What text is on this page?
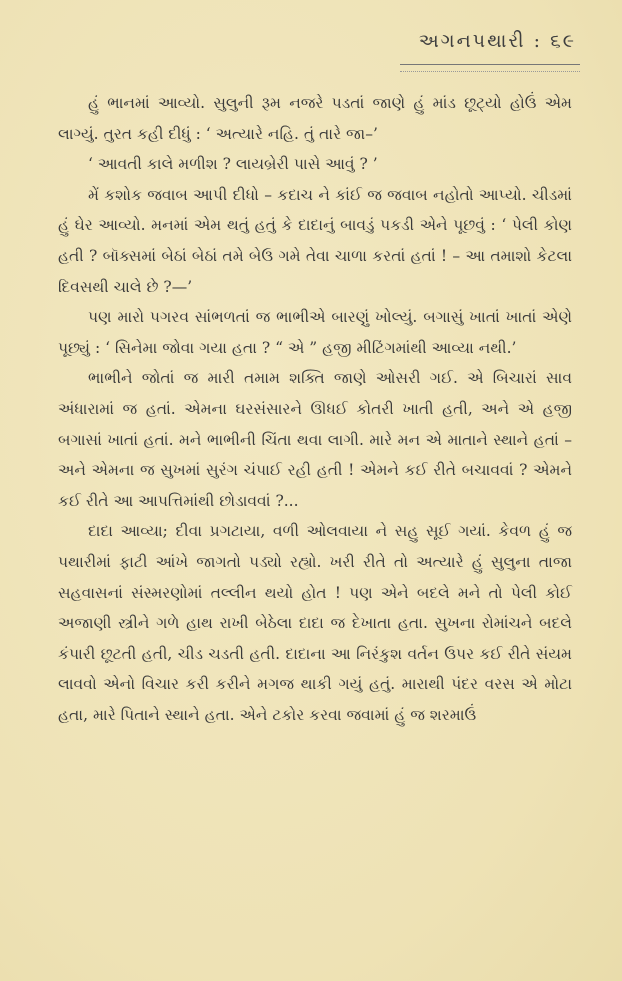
અગનપથારી : ૬૯

હું ભાનમાં આવ્યો. સુલુની રૂમ નજરે પડતાં જાણે હું માંડ છૂટ્યો હોઉં એમ લાગ્યું. તુરત કહી દીધું : ‘ અત્યારે નહિ. તું તારે જા–’

‘ આવતી કાલે મળીશ ? લાયબ્રેરી પાસે આવું ? ’

મેં કશોક જવાબ આપી દીધો – કદાચ ને કાંઈ જ જવાબ નહોતો આપ્યો. ચીડમાં હું ઘેર આવ્યો. મનમાં એમ થતું હતું કે દાદાનું બાવડું પકડી એને પૂછવું : ‘ પેલી કોણ હતી ? બૉક્સમાં બેઠાં બેઠાં તમે બેઉ ગમે તેવા ચાળા કરતાં હતાં ! – આ તમાશો કેટલા દિવસથી ચાલે છે ?—’

પણ મારો પગરવ સાંભળતાં જ ભાભીએ બારણું ખોલ્યું. બગાસું ખાતાં ખાતાં એણે પૂછ્યું : ‘ સિનેમા જોવા ગયા હતા ? “ એ ” હજી મીટિંગમાંથી આવ્યા નથી.’

ભાભીને જોતાં જ મારી તમામ શક્તિ જાણે ઓસરી ગઈ. એ બિચારાં સાવ અંધારામાં જ હતાં. એમના ઘરસંસારને ઊધઈ કોતરી ખાતી હતી, અને એ હજી બગાસાં ખાતાં હતાં. મને ભાભીની ચિંતા થવા લાગી. મારે મન એ માતાને સ્થાને હતાં – અને એમના જ સુખમાં સુરંગ ચંપાઈ રહી હતી ! એમને કઈ રીતે બચાવવાં ? એમને કઈ રીતે આ આપત્તિમાંથી છોડાવવાં ?...

દાદા આવ્યા; દીવા પ્રગટાયા, વળી ઓલવાયા ને સહુ સૂઈ ગયાં. કેવળ હું જ પથારીમાં ફાટી આંખે જાગતો પડ્યો રહ્યો. ખરી રીતે તો અત્યારે હું સુલુના તાજા સહવાસનાં સંસ્મરણોમાં તલ્લીન થયો હોત ! પણ એને બદલે મને તો પેલી કોઈ અજાણી સ્ત્રીને ગળે હાથ રાખી બેઠેલા દાદા જ દેખાતા હતા. સુખના રોમાંચને બદલે કંપારી છૂટતી હતી, ચીડ ચડતી હતી. દાદાના આ નિરંકુશ વર્તન ઉપર કઈ રીતે સંયમ લાવવો એનો વિચાર કરી કરીને મગજ થાકી ગયું હતું. મારાથી પંદર વરસ એ મોટા હતા, મારે પિતાને સ્થાને હતા. એને ટકોર કરવા જવામાં હું જ શરમાઉં
